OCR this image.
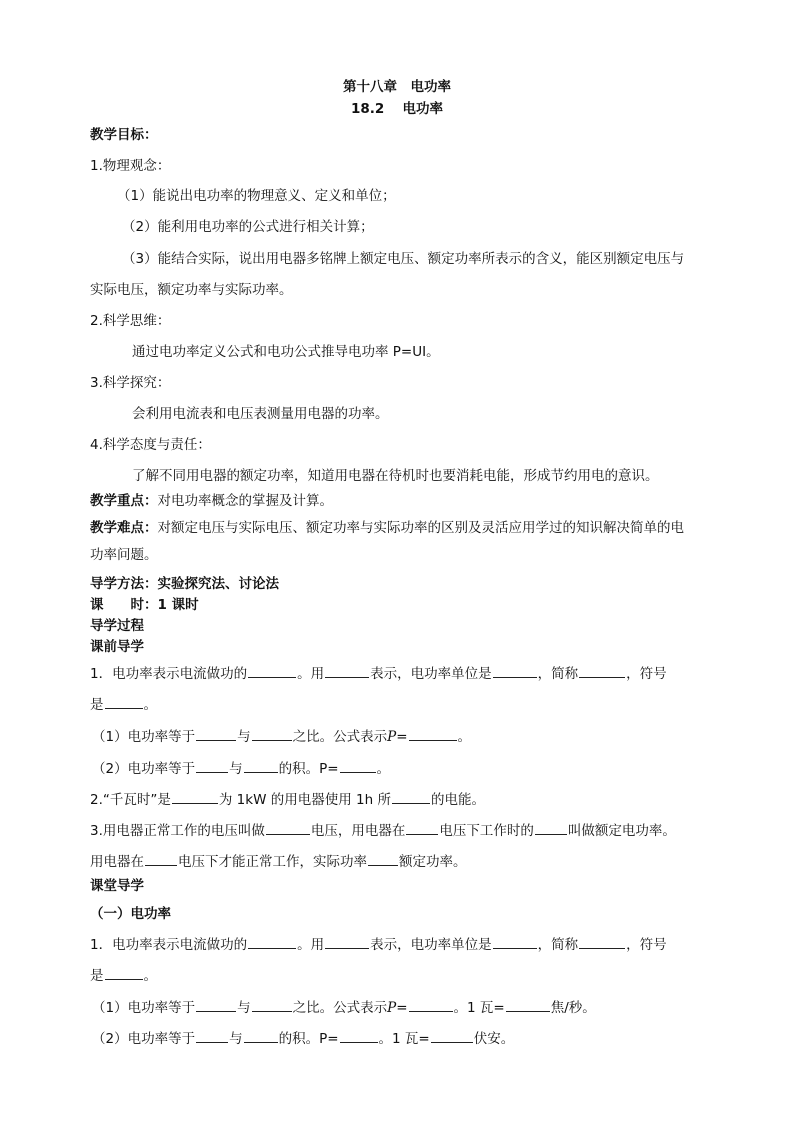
第十八章　电功率
18.2　 电功率
教学目标：
1.物理观念：
（1）能说出电功率的物理意义、定义和单位；
（2）能利用电功率的公式进行相关计算；
（3）能结合实际，说出用电器多铭牌上额定电压、额定功率所表示的含义，能区别额定电压与
实际电压，额定功率与实际功率。
2.科学思维：
通过电功率定义公式和电功公式推导电功率 P=UI。
3.科学探究：
会利用电流表和电压表测量用电器的功率。
4.科学态度与责任：
了解不同用电器的额定功率，知道用电器在待机时也要消耗电能，形成节约用电的意识。
教学重点：对电功率概念的掌握及计算。
教学难点：对额定电压与实际电压、额定功率与实际功率的区别及灵活应用学过的知识解决简单的电
功率问题。
导学方法：实验探究法、讨论法
课　　时：1 课时
导学过程
课前导学
1．电功率表示电流做功的	。用	表示，电功率单位是	，简称	，符号
是	。
（1）电功率等于	与	之比。公式表示P=	。
（2）电功率等于	与	的积。P=	。
2.“千瓦时”是	为 1kW 的用电器使用 1h 所	的电能。
3.用电器正常工作的电压叫做	电压，用电器在	电压下工作时的	叫做额定电功率。
用电器在	电压下才能正常工作，实际功率 额定功率。
课堂导学
（一）电功率
1．电功率表示电流做功的	。用	表示，电功率单位是	，简称	，符号
是	。
（1）电功率等于	与	之比。公式表示P=	。1 瓦=	焦/秒。
（2）电功率等于	与	的积。P=	。1 瓦=	伏安。
